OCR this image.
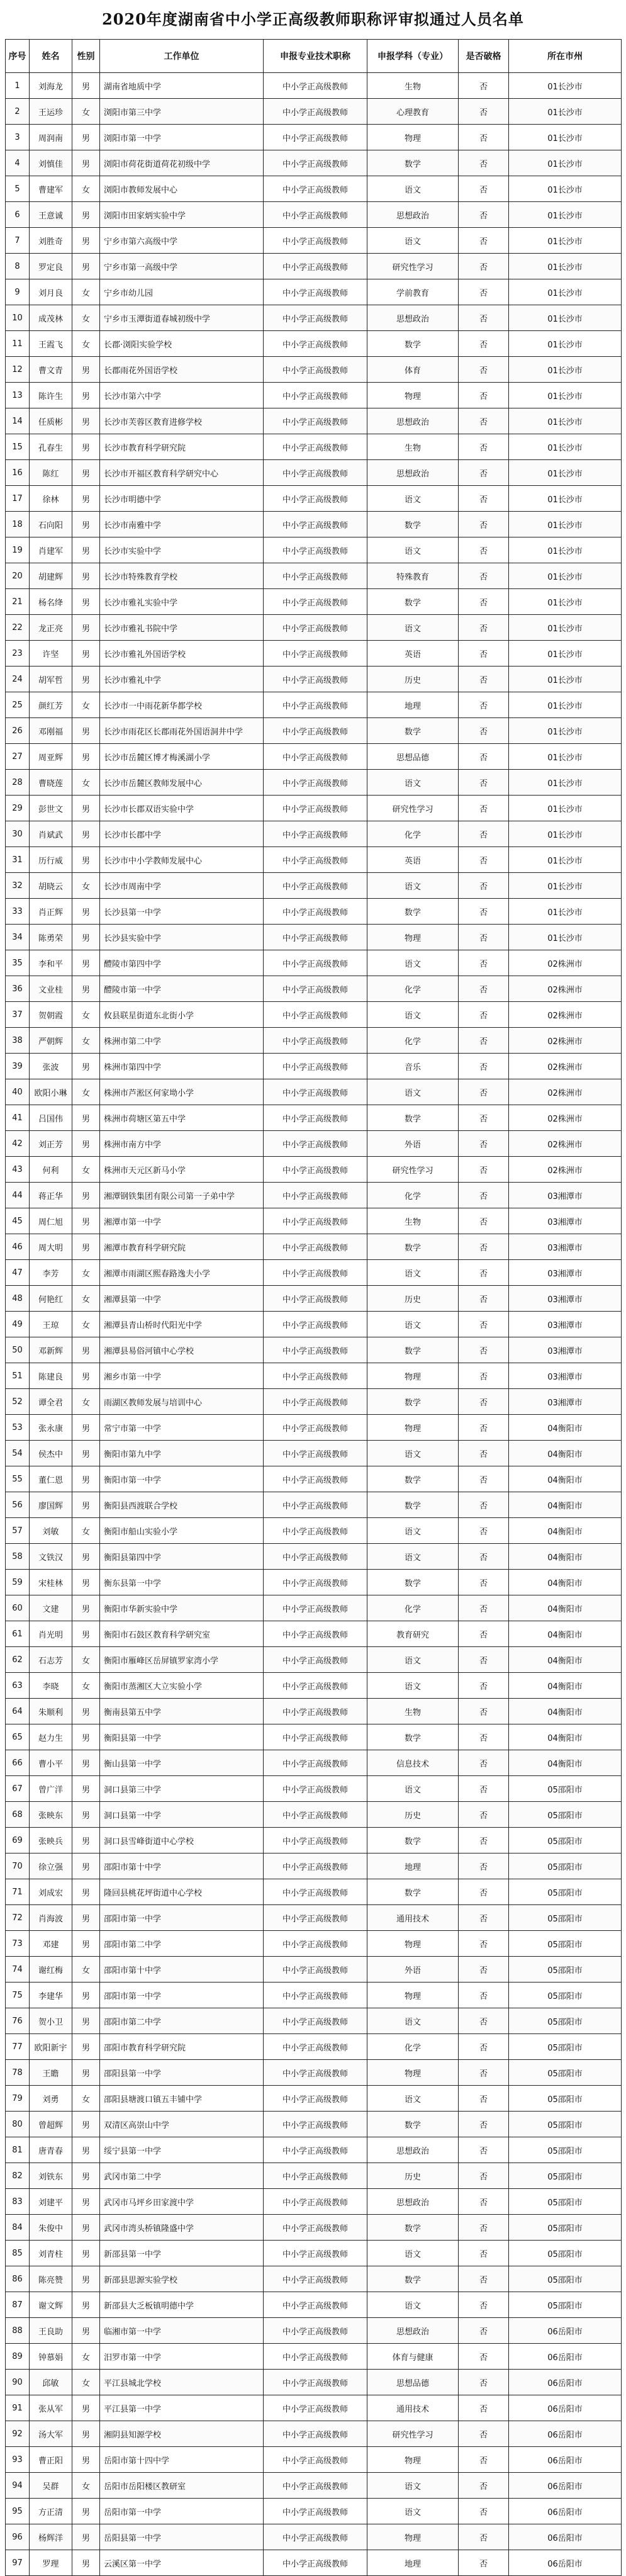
2020年度湖南省中小学正高级教师职称评审拟通过人员名单
序号	姓名	性别	工作单位	申报专业技术职称	申报学科（专业）	是否破格	所在市州
1	刘海龙	男	湖南省地质中学	中小学正高级教师	生物	否	01长沙市
2	王运珍	女	浏阳市第三中学	中小学正高级教师	心理教育	否	01长沙市
3	周润南	男	浏阳市第一中学	中小学正高级教师	物理	否	01长沙市
4	刘慎佳	男	浏阳市荷花街道荷花初级中学	中小学正高级教师	数学	否	01长沙市
5	曹建军	女	浏阳市教师发展中心	中小学正高级教师	语文	否	01长沙市
6	王意诚	男	浏阳市田家炳实验中学	中小学正高级教师	思想政治	否	01长沙市
7	刘胜奇	男	宁乡市第六高级中学	中小学正高级教师	语文	否	01长沙市
8	罗定良	男	宁乡市第一高级中学	中小学正高级教师	研究性学习	否	01长沙市
9	刘月良	女	宁乡市幼儿园	中小学正高级教师	学前教育	否	01长沙市
10	成茂林	女	宁乡市玉潭街道春城初级中学	中小学正高级教师	思想政治	否	01长沙市
11	王霞飞	女	长郡·浏阳实验学校	中小学正高级教师	数学	否	01长沙市
12	曹文青	男	长郡雨花外国语学校	中小学正高级教师	体育	否	01长沙市
13	陈许生	男	长沙市第六中学	中小学正高级教师	物理	否	01长沙市
14	任质彬	男	长沙市芙蓉区教育进修学校	中小学正高级教师	思想政治	否	01长沙市
15	孔春生	男	长沙市教育科学研究院	中小学正高级教师	生物	否	01长沙市
16	陈红	男	长沙市开福区教育科学研究中心	中小学正高级教师	思想政治	否	01长沙市
17	徐林	男	长沙市明德中学	中小学正高级教师	语文	否	01长沙市
18	石向阳	男	长沙市南雅中学	中小学正高级教师	数学	否	01长沙市
19	肖建军	男	长沙市实验中学	中小学正高级教师	语文	否	01长沙市
20	胡建辉	男	长沙市特殊教育学校	中小学正高级教师	特殊教育	否	01长沙市
21	杨名绛	男	长沙市雅礼实验中学	中小学正高级教师	数学	否	01长沙市
22	龙正亮	男	长沙市雅礼书院中学	中小学正高级教师	语文	否	01长沙市
23	许坚	男	长沙市雅礼外国语学校	中小学正高级教师	英语	否	01长沙市
24	胡军哲	男	长沙市雅礼中学	中小学正高级教师	历史	否	01长沙市
25	颜红芳	女	长沙市一中雨花新华都学校	中小学正高级教师	地理	否	01长沙市
26	邓刚福	男	长沙市雨花区长郡雨花外国语洞井中学	中小学正高级教师	数学	否	01长沙市
27	周亚辉	男	长沙市岳麓区博才梅溪湖小学	中小学正高级教师	思想品德	否	01长沙市
28	曹晓莲	女	长沙市岳麓区教师发展中心	中小学正高级教师	语文	否	01长沙市
29	彭世文	男	长沙市长郡双语实验中学	中小学正高级教师	研究性学习	否	01长沙市
30	肖斌武	男	长沙市长郡中学	中小学正高级教师	化学	否	01长沙市
31	历行威	男	长沙市中小学教师发展中心	中小学正高级教师	英语	否	01长沙市
32	胡晓云	女	长沙市周南中学	中小学正高级教师	语文	否	01长沙市
33	肖正辉	男	长沙县第一中学	中小学正高级教师	数学	否	01长沙市
34	陈勇荣	男	长沙县实验中学	中小学正高级教师	物理	否	01长沙市
35	李和平	男	醴陵市第四中学	中小学正高级教师	语文	否	02株洲市
36	文业桂	男	醴陵市第一中学	中小学正高级教师	化学	否	02株洲市
37	贺朝霞	女	攸县联星街道东北街小学	中小学正高级教师	语文	否	02株洲市
38	严朝辉	女	株洲市第二中学	中小学正高级教师	化学	否	02株洲市
39	张波	男	株洲市第四中学	中小学正高级教师	音乐	否	02株洲市
40	欧阳小琳	女	株洲市芦淞区何家坳小学	中小学正高级教师	语文	否	02株洲市
41	吕国伟	男	株洲市荷塘区第五中学	中小学正高级教师	数学	否	02株洲市
42	刘正芳	男	株洲市南方中学	中小学正高级教师	外语	否	02株洲市
43	何利	女	株洲市天元区新马小学	中小学正高级教师	研究性学习	否	02株洲市
44	蒋正华	男	湘潭钢铁集团有限公司第一子弟中学	中小学正高级教师	化学	否	03湘潭市
45	周仁旭	男	湘潭市第一中学	中小学正高级教师	生物	否	03湘潭市
46	周大明	男	湘潭市教育科学研究院	中小学正高级教师	数学	否	03湘潭市
47	李芳	女	湘潭市雨湖区熙春路逸夫小学	中小学正高级教师	语文	否	03湘潭市
48	何艳红	女	湘潭县第一中学	中小学正高级教师	历史	否	03湘潭市
49	王琼	女	湘潭县青山桥时代阳光中学	中小学正高级教师	语文	否	03湘潭市
50	邓新辉	男	湘潭县易俗河镇中心学校	中小学正高级教师	数学	否	03湘潭市
51	陈建良	男	湘乡市第一中学	中小学正高级教师	物理	否	03湘潭市
52	谭全君	女	雨湖区教师发展与培训中心	中小学正高级教师	数学	否	03湘潭市
53	张永康	男	常宁市第一中学	中小学正高级教师	物理	否	04衡阳市
54	侯杰中	男	衡阳市第九中学	中小学正高级教师	语文	否	04衡阳市
55	董仁恩	男	衡阳市第一中学	中小学正高级教师	数学	否	04衡阳市
56	廖国辉	男	衡阳县西渡联合学校	中小学正高级教师	数学	否	04衡阳市
57	刘敏	女	衡阳市船山实验小学	中小学正高级教师	语文	否	04衡阳市
58	文铁汉	男	衡阳县第四中学	中小学正高级教师	语文	否	04衡阳市
59	宋桂林	男	衡东县第一中学	中小学正高级教师	数学	否	04衡阳市
60	文建	男	衡阳市华新实验中学	中小学正高级教师	化学	否	04衡阳市
61	肖光明	男	衡阳市石鼓区教育科学研究室	中小学正高级教师	教育研究	否	04衡阳市
62	石志芳	女	衡阳市雁峰区岳屏镇罗家湾小学	中小学正高级教师	语文	否	04衡阳市
63	李晓	女	衡阳市蒸湘区大立实验小学	中小学正高级教师	语文	否	04衡阳市
64	朱顺利	男	衡南县第五中学	中小学正高级教师	生物	否	04衡阳市
65	赵力生	男	衡阳县第一中学	中小学正高级教师	数学	否	04衡阳市
66	曹小平	男	衡山县第一中学	中小学正高级教师	信息技术	否	04衡阳市
67	曾广洋	男	洞口县第三中学	中小学正高级教师	语文	否	05邵阳市
68	张映东	男	洞口县第一中学	中小学正高级教师	历史	否	05邵阳市
69	张映兵	男	洞口县雪峰街道中心学校	中小学正高级教师	数学	否	05邵阳市
70	徐立强	男	邵阳市第十中学	中小学正高级教师	地理	否	05邵阳市
71	刘成宏	男	隆回县桃花坪街道中心学校	中小学正高级教师	数学	否	05邵阳市
72	肖海波	男	邵阳市第一中学	中小学正高级教师	通用技术	否	05邵阳市
73	邓建	男	邵阳市第二中学	中小学正高级教师	物理	否	05邵阳市
74	谢红梅	女	邵阳市第十中学	中小学正高级教师	外语	否	05邵阳市
75	李建华	男	邵阳市第一中学	中小学正高级教师	物理	否	05邵阳市
76	贺小卫	男	邵阳市第二中学	中小学正高级教师	语文	否	05邵阳市
77	欧阳新宇	男	邵阳市教育科学研究院	中小学正高级教师	化学	否	05邵阳市
78	王瞻	男	邵阳县第一中学	中小学正高级教师	物理	否	05邵阳市
79	刘勇	女	邵阳县塘渡口镇五丰铺中学	中小学正高级教师	语文	否	05邵阳市
80	曾超辉	男	双清区高崇山中学	中小学正高级教师	数学	否	05邵阳市
81	唐青春	男	绥宁县第一中学	中小学正高级教师	思想政治	否	05邵阳市
82	刘铁东	男	武冈市第二中学	中小学正高级教师	历史	否	05邵阳市
83	刘建平	男	武冈市马坪乡田家渡中学	中小学正高级教师	思想政治	否	05邵阳市
84	朱俊中	男	武冈市湾头桥镇隆盛中学	中小学正高级教师	数学	否	05邵阳市
85	刘青柱	男	新邵县第一中学	中小学正高级教师	语文	否	05邵阳市
86	陈亮赞	男	新邵县思源实验学校	中小学正高级教师	数学	否	05邵阳市
87	谢文辉	男	新邵县大乏板镇明德中学	中小学正高级教师	语文	否	05邵阳市
88	王良助	男	临湘市第一中学	中小学正高级教师	思想政治	否	06岳阳市
89	钟慕娟	女	汨罗市第一中学	中小学正高级教师	体育与健康	否	06岳阳市
90	邱敏	女	平江县城北学校	中小学正高级教师	思想品德	否	06岳阳市
91	张从军	男	平江县第一中学	中小学正高级教师	通用技术	否	06岳阳市
92	汤大军	男	湘阴县知源学校	中小学正高级教师	研究性学习	否	06岳阳市
93	曹正阳	男	岳阳市第十四中学	中小学正高级教师	物理	否	06岳阳市
94	吴群	女	岳阳市岳阳楼区教研室	中小学正高级教师	语文	否	06岳阳市
95	方正清	男	岳阳市第一中学	中小学正高级教师	语文	否	06岳阳市
96	杨辉洋	男	岳阳县第一中学	中小学正高级教师	物理	否	06岳阳市
97	罗理	男	云溪区第一中学	中小学正高级教师	地理	否	06岳阳市
